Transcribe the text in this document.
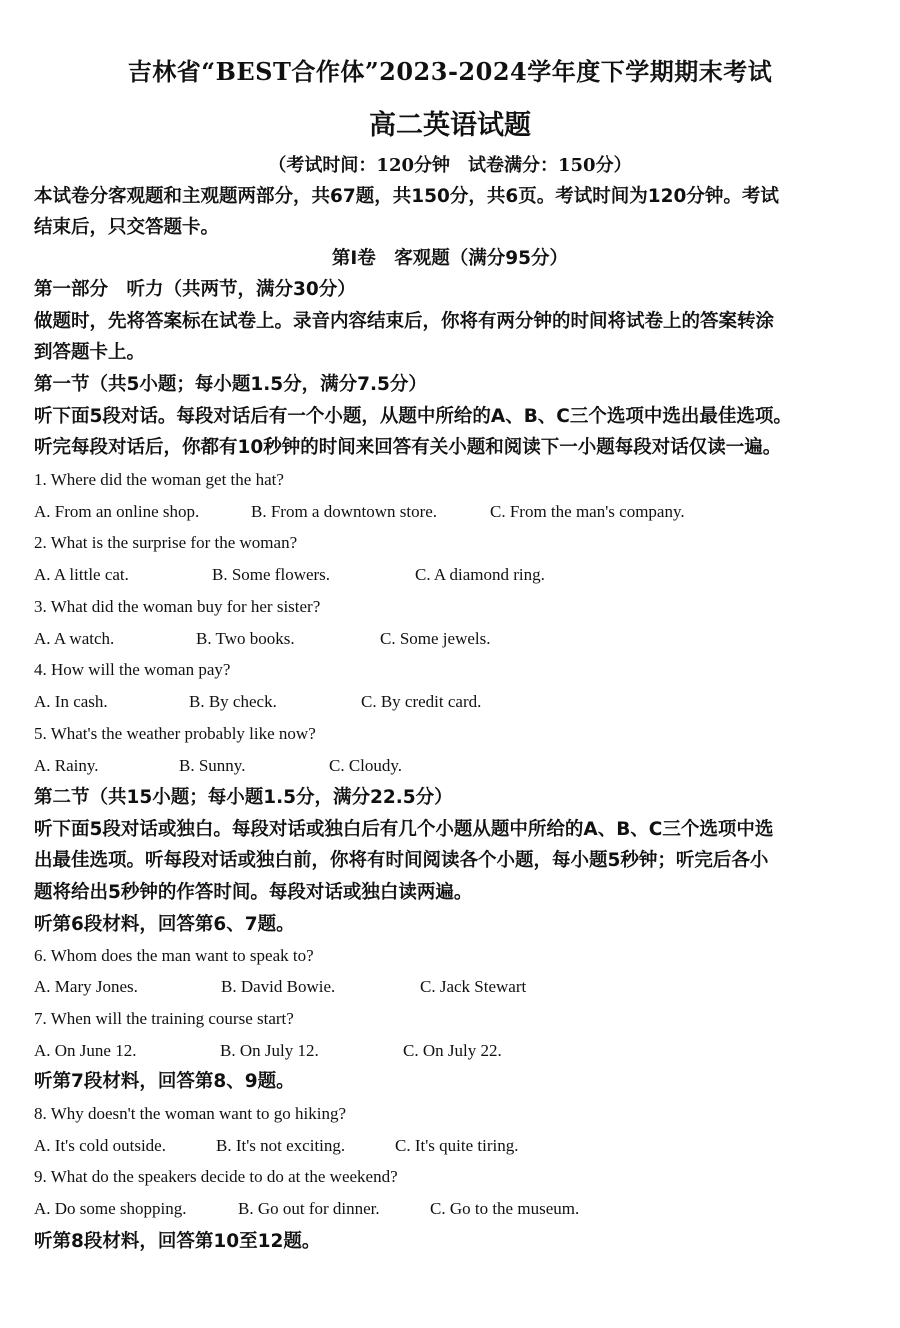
吉林省“BEST合作体”2023-2024学年度下学期期末考试
高二英语试题
（考试时间：120分钟　试卷满分：150分）
本试卷分客观题和主观题两部分，共67题，共150分，共6页。考试时间为120分钟。考试
结束后，只交答题卡。
第Ⅰ卷　客观题（满分95分）
第一部分　听力（共两节，满分30分）
做题时，先将答案标在试卷上。录音内容结束后，你将有两分钟的时间将试卷上的答案转涂
到答题卡上。
第一节（共5小题；每小题1.5分，满分7.5分）
听下面5段对话。每段对话后有一个小题，从题中所给的A、B、C三个选项中选出最佳选项。
听完每段对话后，你都有10秒钟的时间来回答有关小题和阅读下一小题每段对话仅读一遍。
1. Where did the woman get the hat?
A. From an online shop.	B. From a downtown store.	C. From the man's company.
2. What is the surprise for the woman?
A. A little cat.	B. Some flowers.	C. A diamond ring.
3. What did the woman buy for her sister?
A. A watch.	B. Two books.	C. Some jewels.
4. How will the woman pay?
A. In cash.	B. By check.	C. By credit card.
5. What's the weather probably like now?
A. Rainy.	B. Sunny.	C. Cloudy.
第二节（共15小题；每小题1.5分，满分22.5分）
听下面5段对话或独白。每段对话或独白后有几个小题从题中所给的A、B、C三个选项中选
出最佳选项。听每段对话或独白前，你将有时间阅读各个小题，每小题5秒钟；听完后各小
题将给出5秒钟的作答时间。每段对话或独白读两遍。
听第6段材料，回答第6、7题。
6. Whom does the man want to speak to?
A. Mary Jones.	B. David Bowie.	C. Jack Stewart
7. When will the training course start?
A. On June 12.	B. On July 12.	C. On July 22.
听第7段材料，回答第8、9题。
8. Why doesn't the woman want to go hiking?
A. It's cold outside.	B. It's not exciting.	C. It's quite tiring.
9. What do the speakers decide to do at the weekend?
A. Do some shopping.	B. Go out for dinner.	C. Go to the museum.
听第8段材料，回答第10至12题。
